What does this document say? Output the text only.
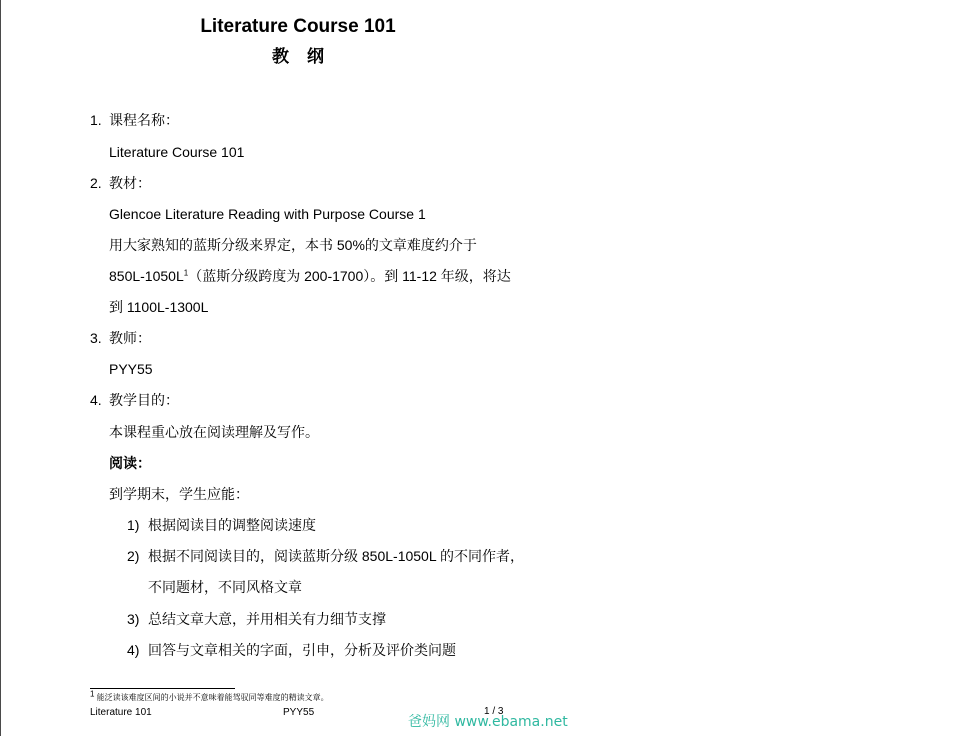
Literature Course 101
教纲
1. 课程名称：
Literature Course 101
2. 教材：
Glencoe Literature Reading with Purpose Course 1
用大家熟知的蓝斯分级来界定，本书 50%的文章难度约介于
$850L-1050L^1$（蓝斯分级跨度为 200-1700）。到 11-12 年级，将达
到 1100L-1300L
3. 教师：
PYY55
4. 教学目的：
本课程重心放在阅读理解及写作。
阅读：
到学期末，学生应能：
1) 根据阅读目的调整阅读速度
2) 根据不同阅读目的，阅读蓝斯分级 850L-1050L 的不同作者，
不同题材，不同风格文章
3) 总结文章大意，并用相关有力细节支撑
4) 回答与文章相关的字面，引申，分析及评价类问题
1 能泛读该难度区间的小说并不意味着能驾驭同等难度的精读文章。
Literature 101	PYY55	1 / 3
爸妈网 www.ebama.net
